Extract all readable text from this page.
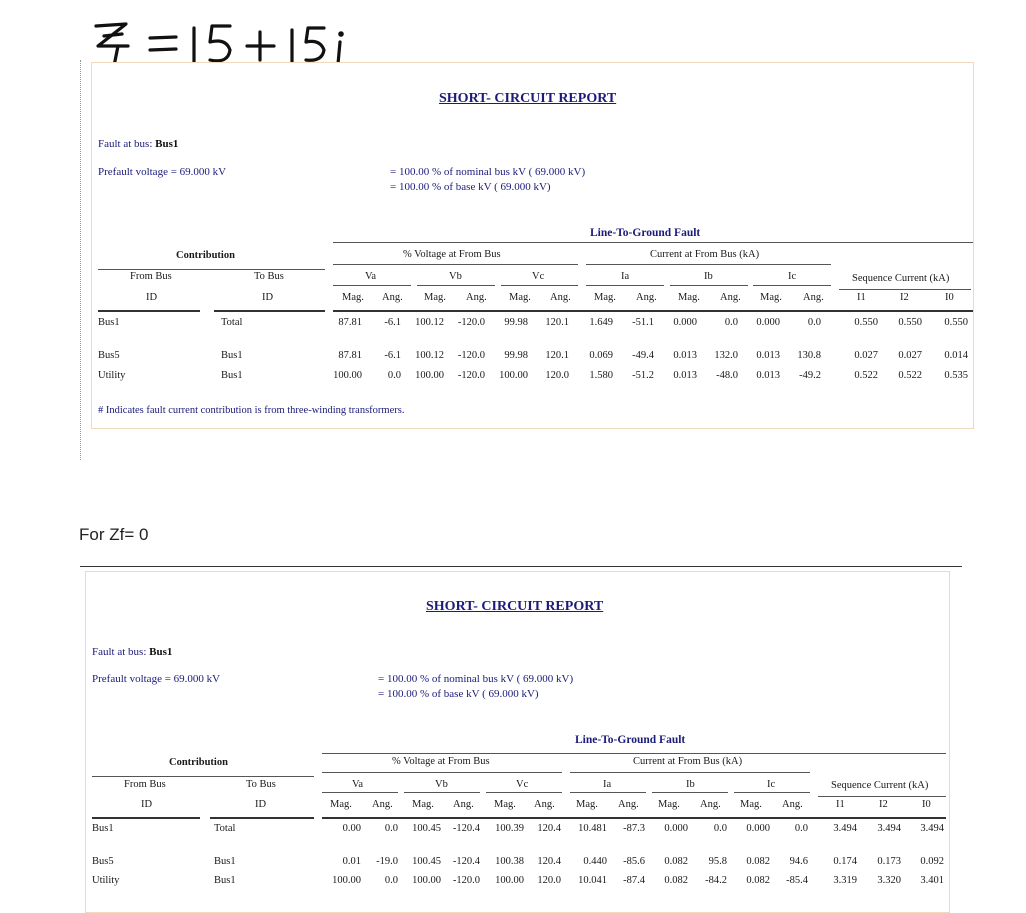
SHORT- CIRCUIT REPORT
Fault at bus: Bus1
Prefault voltage = 69.000 kV	= 100.00 % of nominal bus kV ( 69.000 kV)
= 100.00 % of base kV ( 69.000 kV)
Line-To-Ground Fault
Contribution	% Voltage at From Bus	Current at From Bus (kA)
From Bus	To Bus	Va	Vb	Vc	Ia	Ib	Ic	Sequence Current (kA)
ID	ID	Mag. Ang. Mag. Ang. Mag. Ang. Mag. Ang. Mag. Ang. Mag. Ang.	I1	I2	I0
Bus1	Total	87.81 -6.1 100.12 -120.0 99.98 120.1 1.649 -51.1 0.000	0.0 0.000	0.0	0.550 0.550 0.550
Bus5	Bus1	87.81 -6.1 100.12 -120.0 99.98 120.1 0.069 -49.4 0.013 132.0 0.013 130.8	0.027 0.027 0.014
Utility	Bus1	100.00 0.0 100.00 -120.0 100.00 120.0 1.580 -51.2 0.013 -48.0 0.013 -49.2	0.522 0.522 0.535
# Indicates fault current contribution is from three-winding transformers.
For Zf= 0
SHORT- CIRCUIT REPORT
Fault at bus: Bus1
Prefault voltage = 69.000 kV	= 100.00 % of nominal bus kV ( 69.000 kV)
= 100.00 % of base kV ( 69.000 kV)
Line-To-Ground Fault
Contribution	% Voltage at From Bus	Current at From Bus (kA)
From Bus	To Bus	Va	Vb	Vc	Ia	Ib	Ic	Sequence Current (kA)
ID	ID	Mag. Ang. Mag. Ang. Mag. Ang. Mag. Ang. Mag. Ang. Mag. Ang.	I1	I2	I0
Bus1	Total	0.00 0.0 100.45 -120.4 100.39 120.4 10.481 -87.3 0.000 0.0 0.000 0.0 3.494 3.494 3.494
Bus5	Bus1	0.01 -19.0 100.45 -120.4 100.38 120.4 0.440 -85.6 0.082 95.8 0.082 94.6 0.174 0.173 0.092
Utility	Bus1	100.00 0.0 100.00 -120.0 100.00 120.0 10.041 -87.4 0.082 -84.2 0.082 -85.4 3.319 3.320 3.401
